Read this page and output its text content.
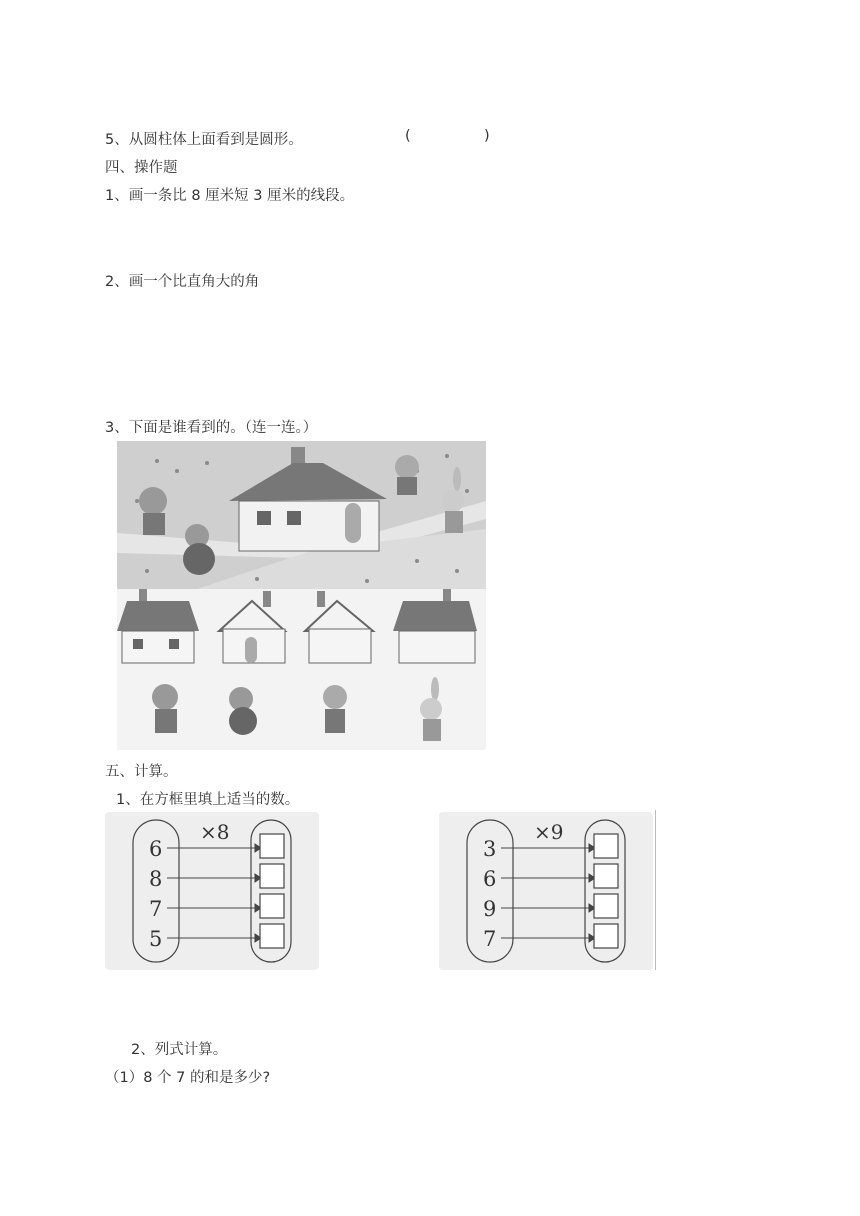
5、从圆柱体上面看到是圆形。	(	)
四、操作题
1、画一条比 8 厘米短 3 厘米的线段。
2、画一个比直角大的角
3、下面是谁看到的。（连一连。）
五、计算。
1、在方框里填上适当的数。
×8
6
8
7
5
×9
3
6
9
7
2、列式计算。
（1）8 个 7 的和是多少?
